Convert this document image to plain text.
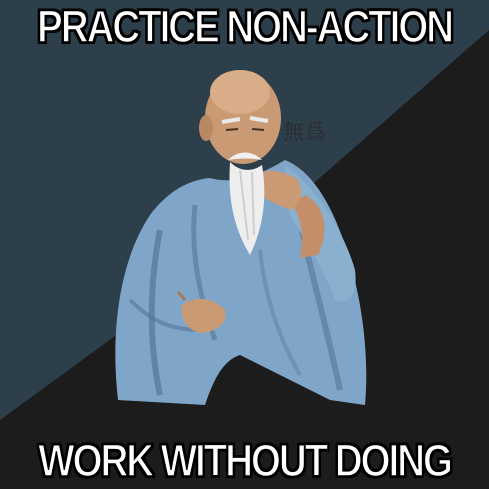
無爲
PRACTICE NON-ACTION
WORK WITHOUT DOING
